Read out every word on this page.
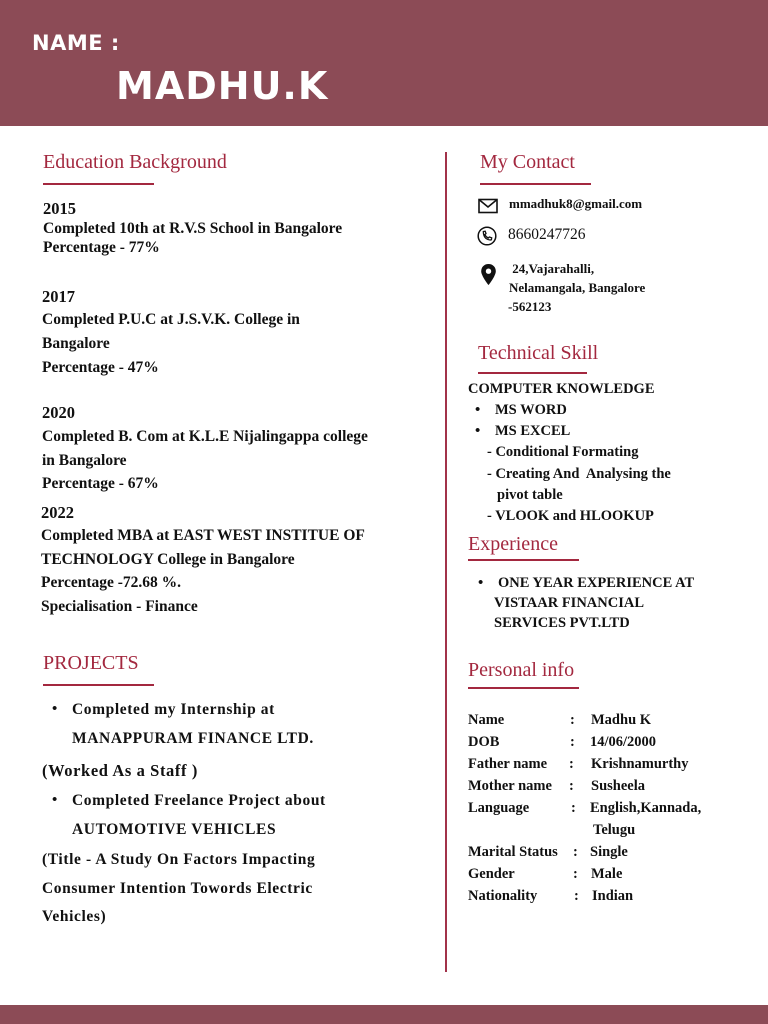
NAME :
MADHU.K
Education Background
2015
Completed 10th at R.V.S School in Bangalore
Percentage - 77%
2017
Completed P.U.C at J.S.V.K. College in
Bangalore
Percentage - 47%
2020
Completed B. Com at K.L.E Nijalingappa college
in Bangalore
Percentage - 67%
2022
Completed MBA at EAST WEST INSTITUE OF
TECHNOLOGY College in Bangalore
Percentage -72.68 %.
Specialisation - Finance
PROJECTS
• Completed my Internship at
MANAPPURAM FINANCE LTD.
(Worked As a Staff )
• Completed Freelance Project about
AUTOMOTIVE VEHICLES
(Title - A Study On Factors Impacting
Consumer Intention Towords Electric
Vehicles)
My Contact
mmadhuk8@gmail.com
8660247726
24,Vajarahalli,
Nelamangala, Bangalore
-562123
Technical Skill
COMPUTER KNOWLEDGE
• MS WORD
• MS EXCEL
- Conditional Formating
- Creating And  Analysing the
pivot table
- VLOOK and HLOOKUP
Experience
• ONE YEAR EXPERIENCE AT
VISTAAR FINANCIAL
SERVICES PVT.LTD
Personal info
Name	: Madhu K
DOB	: 14/06/2000
Father name : Krishnamurthy
Mother name : Susheela
Language	: English,Kannada,
Telugu
Marital Status : Single
Gender	: Male
Nationality	: Indian
